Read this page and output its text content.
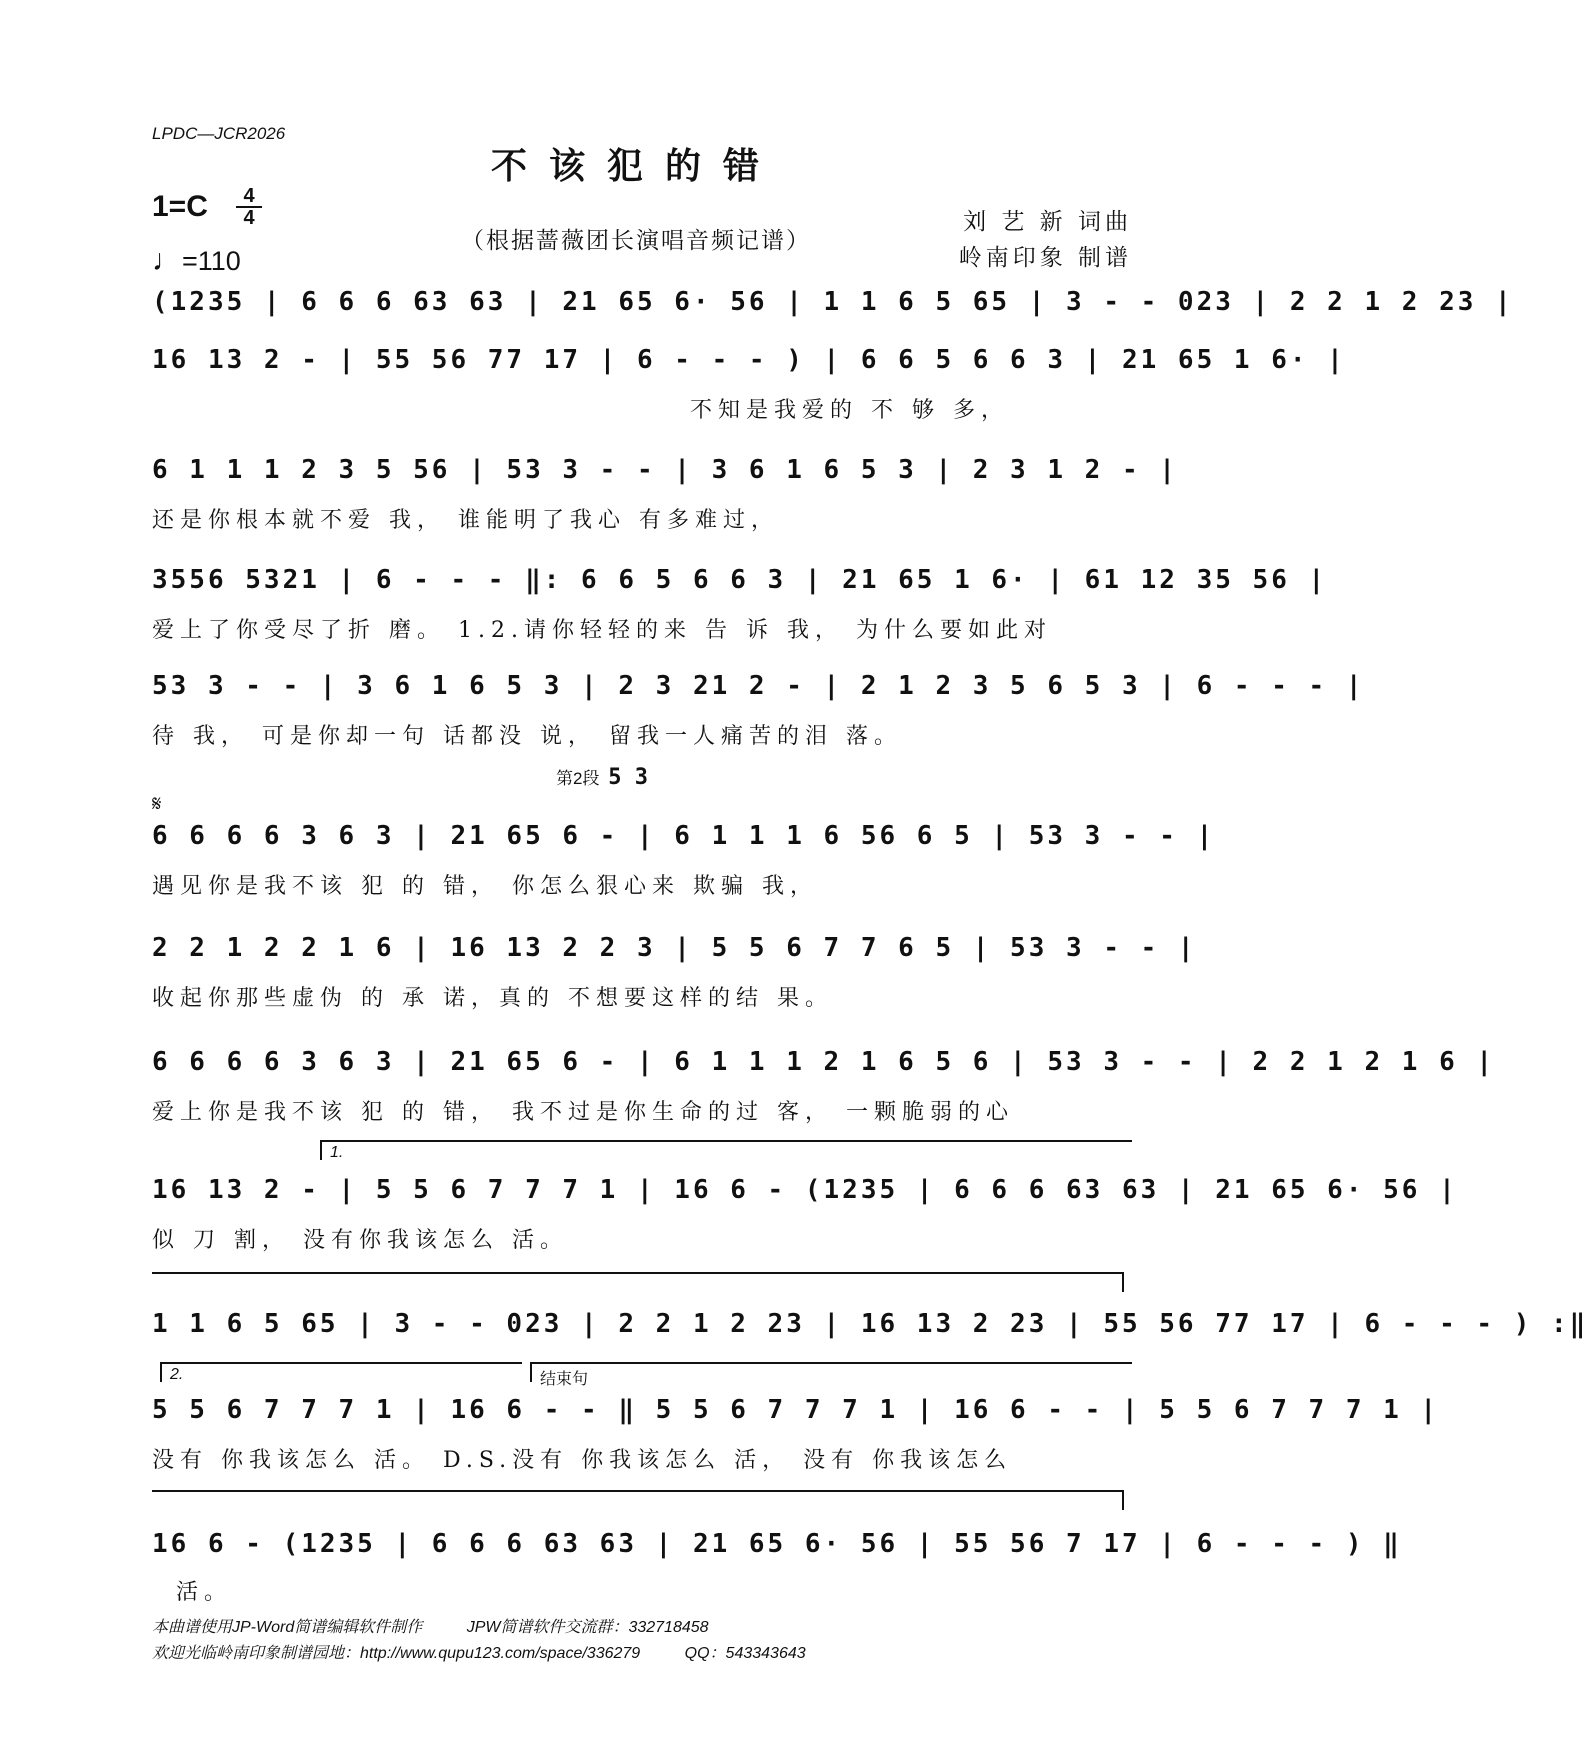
LPDC—JCR2026
不该犯的错
（根据蔷薇团长演唱音频记谱）
刘 艺 新 词曲
岭南印象 制谱
1=C	4
4
♩=110
(1235 | 6 6 6 63 63 | 21 65 6· 56 | 1 1 6 5 65 | 3 - - 023 | 2 2 1 2 23 |
16 13 2 - | 55 56 77 17 | 6 - - - ) | 6 6 5 6 6 3 | 21 65 1 6· |
不知是我爱的 不 够 多，
6 1 1 1 2 3 5 56 | 53 3 - - | 3 6 1 6 5 3 | 2 3 1 2 - |
还是你根本就不爱 我， 谁能明了我心 有多难过，
3556 5321 | 6 - - - ‖: 6 6 5 6 6 3 | 21 65 1 6· | 61 12 35 56 |
爱上了你受尽了折 磨。 1.2.请你轻轻的来 告 诉 我， 为什么要如此对
53 3 - - | 3 6 1 6 5 3 | 2 3 21 2 - | 2 1 2 3 5 6 5 3 | 6 - - - |
待 我， 可是你却一句 话都没 说， 留我一人痛苦的泪 落。
第2段 5 3
𝄋
6 6 6 6 3 6 3 | 21 65 6 - | 6 1 1 1 6 56 6 5 | 53 3 - - |
遇见你是我不该 犯 的 错， 你怎么狠心来 欺骗 我，
2 2 1 2 2 1 6 | 16 13 2 2 3 | 5 5 6 7 7 6 5 | 53 3 - - |
收起你那些虚伪 的 承 诺，真的 不想要这样的结 果。
6 6 6 6 3 6 3 | 21 65 6 - | 6 1 1 1 2 1 6 5 6 | 53 3 - - | 2 2 1 2 1 6 |
爱上你是我不该 犯 的 错， 我不过是你生命的过 客， 一颗脆弱的心
1.
16 13 2 - | 5 5 6 7 7 7 1 | 16 6 - (1235 | 6 6 6 63 63 | 21 65 6· 56 |
似 刀 割， 没有你我该怎么 活。
1 1 6 5 65 | 3 - - 023 | 2 2 1 2 23 | 16 13 2 23 | 55 56 77 17 | 6 - - - ) :‖
2.	结束句
5 5 6 7 7 7 1 | 16 6 - - ‖ 5 5 6 7 7 7 1 | 16 6 - - | 5 5 6 7 7 7 1 |
没有 你我该怎么 活。 D.S.没有 你我该怎么 活， 没有 你我该怎么
16 6 - (1235 | 6 6 6 63 63 | 21 65 6· 56 | 55 56 7 17 | 6 - - - ) ‖
活。
本曲谱使用JP-Word简谱编辑软件制作	JPW简谱软件交流群：332718458
欢迎光临岭南印象制谱园地：http://www.qupu123.com/space/336279	QQ：543343643
